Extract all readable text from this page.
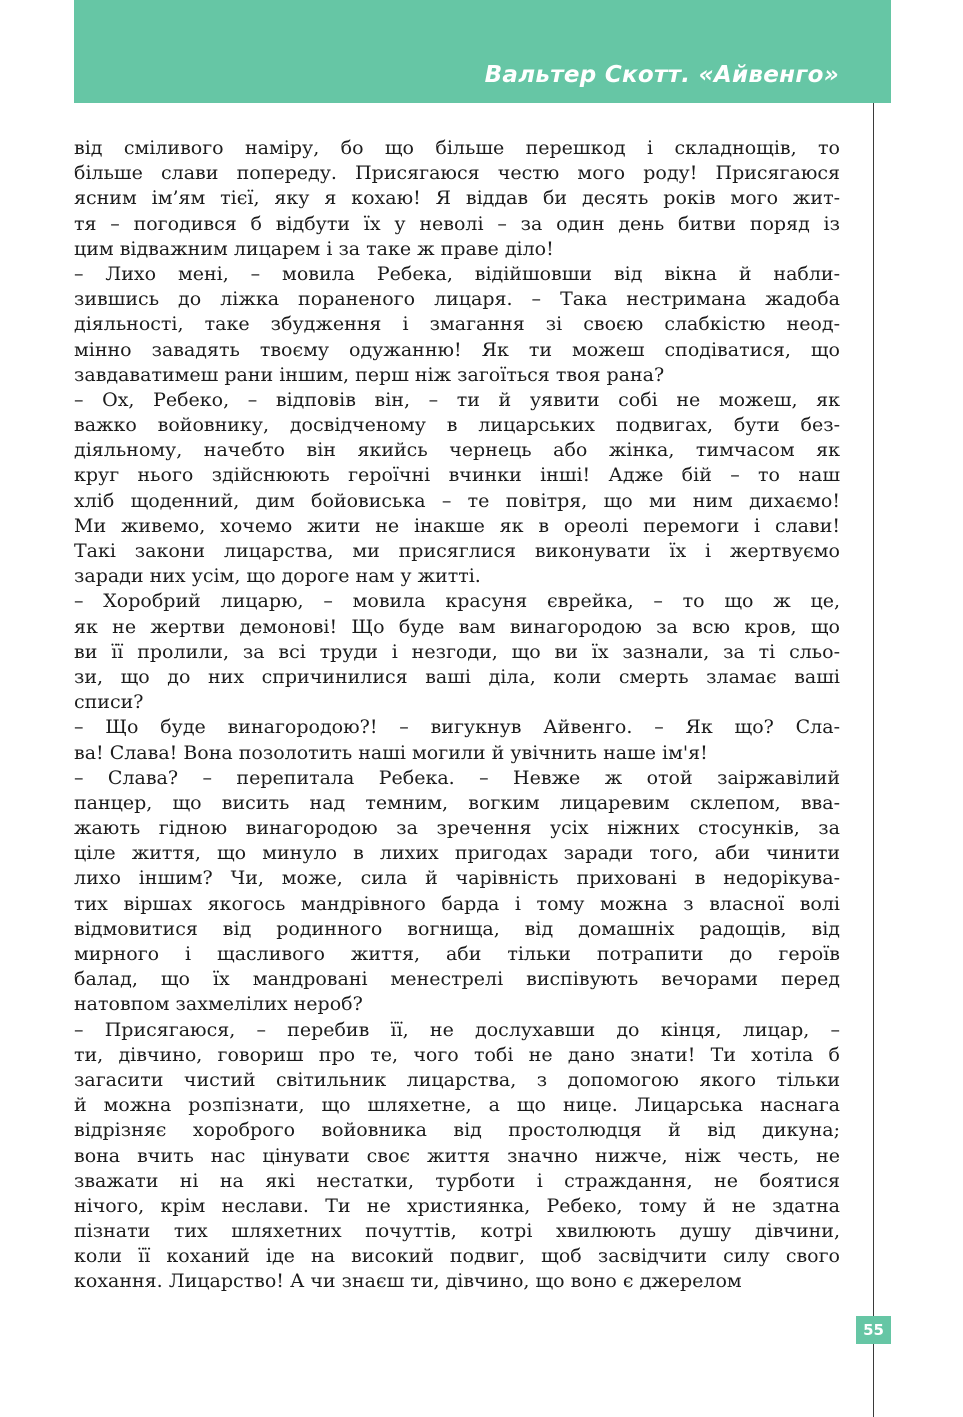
Вальтер Скотт. «Айвенго»
від сміливого наміру, бо що більше перешкод і складнощів, то
більше слави попереду. Присягаюся честю мого роду! Присягаюся
ясним ім’ям тієї, яку я кохаю! Я віддав би десять років мого жит-
тя – погодився б відбути їх у неволі – за один день битви поряд із
цим відважним лицарем і за таке ж праве діло!
– Лихо мені, – мовила Ребека, відійшовши від вікна й набли-
зившись до ліжка пораненого лицаря. – Така нестримана жадоба
діяльності, таке збудження і змагання зі своєю слабкістю неод-
мінно завадять твоєму одужанню! Як ти можеш сподіватися, що
завдаватимеш рани іншим, перш ніж загоїться твоя рана?
– Ох, Ребеко, – відповів він, – ти й уявити собі не можеш, як
важко войовнику, досвідченому в лицарських подвигах, бути без-
діяльному, начебто він якийсь чернець або жінка, тимчасом як
круг нього здійснюють героїчні вчинки інші! Адже бій – то наш
хліб щоденний, дим бойовиська – те повітря, що ми ним дихаємо!
Ми живемо, хочемо жити не інакше як в ореолі перемоги і слави!
Такі закони лицарства, ми присяглися виконувати їх і жертвуємо
заради них усім, що дороге нам у житті.
– Хоробрий лицарю, – мовила красуня єврейка, – то що ж це,
як не жертви демонові! Що буде вам винагородою за всю кров, що
ви її пролили, за всі труди і незгоди, що ви їх зазнали, за ті сльо-
зи, що до них спричинилися ваші діла, коли смерть зламає ваші
списи?
– Що буде винагородою?! – вигукнув Айвенго. – Як що? Сла-
ва! Слава! Вона позолотить наші могили й увічнить наше ім'я!
– Слава? – перепитала Ребека. – Невже ж отой заіржавілий
панцер, що висить над темним, вогким лицаревим склепом, вва-
жають гідною винагородою за зречення усіх ніжних стосунків, за
ціле життя, що минуло в лихих пригодах заради того, аби чинити
лихо іншим? Чи, може, сила й чарівність приховані в недорікува-
тих віршах якогось мандрівного барда і тому можна з власної волі
відмовитися від родинного вогнища, від домашніх радощів, від
мирного і щасливого життя, аби тільки потрапити до героїв
балад, що їх мандровані менестрелі виспівують вечорами перед
натовпом захмелілих нероб?
– Присягаюся, – перебив її, не дослухавши до кінця, лицар, –
ти, дівчино, говориш про те, чого тобі не дано знати! Ти хотіла б
загасити чистий світильник лицарства, з допомогою якого тільки
й можна розпізнати, що шляхетне, а що нице. Лицарська наснага
відрізняє хороброго войовника від простолюдця й від дикуна;
вона вчить нас цінувати своє життя значно нижче, ніж честь, не
зважати ні на які нестатки, турботи і страждання, не боятися
нічого, крім неслави. Ти не християнка, Ребеко, тому й не здатна
пізнати тих шляхетних почуттів, котрі хвилюють душу дівчини,
коли її коханий іде на високий подвиг, щоб засвідчити силу свого
кохання. Лицарство! А чи знаєш ти, дівчино, що воно є джерелом
55
